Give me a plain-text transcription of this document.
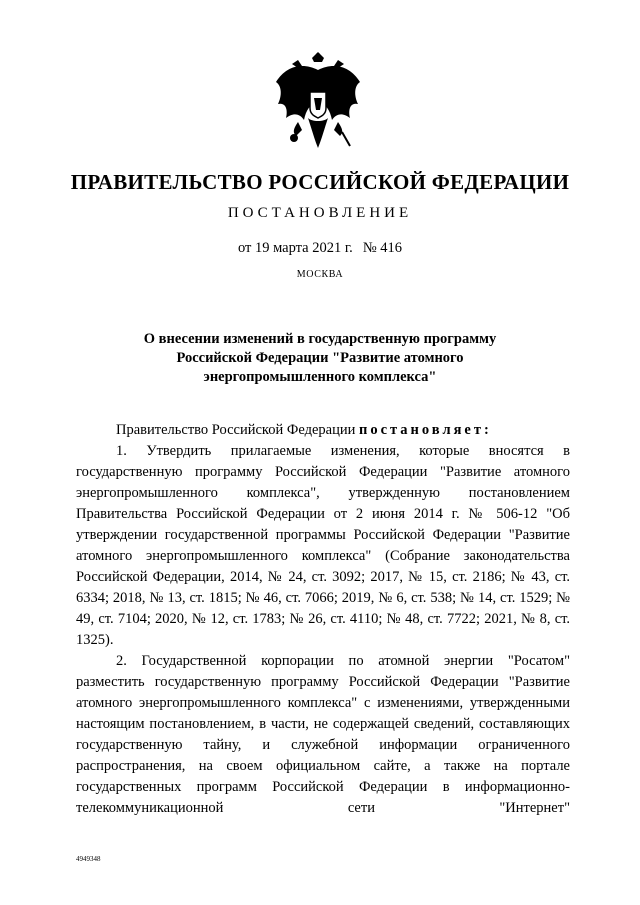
ПРАВИТЕЛЬСТВО РОССИЙСКОЙ ФЕДЕРАЦИИ
ПОСТАНОВЛЕНИЕ
от 19 марта 2021 г. № 416
МОСКВА
О внесении изменений в государственную программу
Российской Федерации "Развитие атомного
энергопромышленного комплекса"

Правительство Российской Федерации постановляет:

1. Утвердить прилагаемые изменения, которые вносятся в государственную программу Российской Федерации "Развитие атомного энергопромышленного комплекса", утвержденную постановлением Правительства Российской Федерации от 2 июня 2014 г. № 506-12 "Об утверждении государственной программы Российской Федерации "Развитие атомного энергопромышленного комплекса" (Собрание законодательства Российской Федерации, 2014, № 24, ст. 3092; 2017, № 15, ст. 2186; № 43, ст. 6334; 2018, № 13, ст. 1815; № 46, ст. 7066; 2019, № 6, ст. 538; № 14, ст. 1529; № 49, ст. 7104; 2020, № 12, ст. 1783; № 26, ст. 4110; № 48, ст. 7722; 2021, № 8, ст. 1325).

2. Государственной корпорации по атомной энергии "Росатом" разместить государственную программу Российской Федерации "Развитие атомного энергопромышленного комплекса" с изменениями, утвержденными настоящим постановлением, в части, не содержащей сведений, составляющих государственную тайну, и служебной информации ограниченного распространения, на своем официальном сайте, а также на портале государственных программ Российской Федерации в информационно-телекоммуникационной сети "Интернет"

4949348
